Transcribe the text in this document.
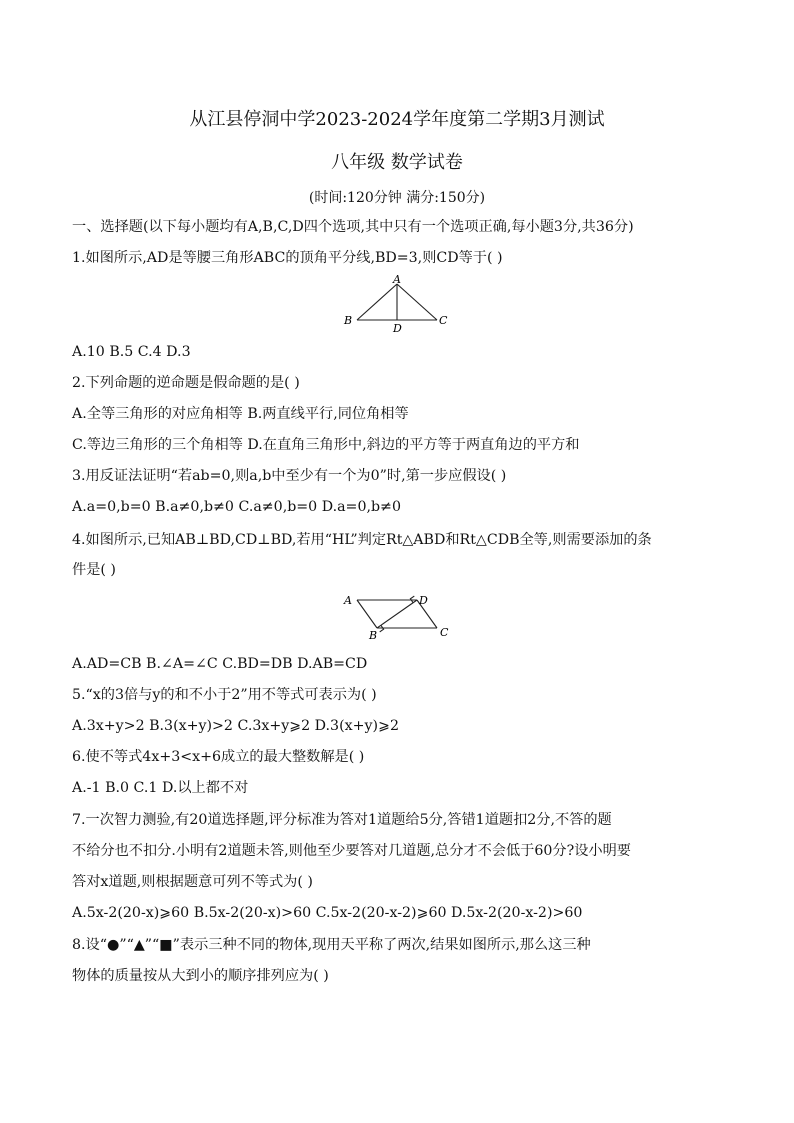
从江县停洞中学2023-2024学年度第二学期3月测试
八年级 数学试卷
(时间:120分钟 满分:150分)
一、选择题(以下每小题均有A,B,C,D四个选项,其中只有一个选项正确,每小题3分,共36分)
1.如图所示,AD是等腰三角形ABC的顶角平分线,BD=3,则CD等于( )
A
B
D
C
A.10 B.5 C.4 D.3
2.下列命题的逆命题是假命题的是( )
A.全等三角形的对应角相等 B.两直线平行,同位角相等
C.等边三角形的三个角相等 D.在直角三角形中,斜边的平方等于两直角边的平方和
3.用反证法证明“若ab=0,则a,b中至少有一个为0”时,第一步应假设( )
A.a=0,b=0 B.a≠0,b≠0 C.a≠0,b=0 D.a=0,b≠0
4.如图所示,已知AB⊥BD,CD⊥BD,若用“HL”判定Rt△ABD和Rt△CDB全等,则需要添加的条
件是( )
A	D
B	C
A.AD=CB B.∠A=∠C C.BD=DB D.AB=CD
5.“x的3倍与y的和不小于2”用不等式可表示为( )
A.3x+y>2 B.3(x+y)>2 C.3x+y⩾2 D.3(x+y)⩾2
6.使不等式4x+3<x+6成立的最大整数解是( )
A.-1 B.0 C.1 D.以上都不对
7.一次智力测验,有20道选择题,评分标准为答对1道题给5分,答错1道题扣2分,不答的题
不给分也不扣分.小明有2道题未答,则他至少要答对几道题,总分才不会低于60分?设小明要
答对x道题,则根据题意可列不等式为( )
A.5x-2(20-x)⩾60 B.5x-2(20-x)>60 C.5x-2(20-x-2)⩾60 D.5x-2(20-x-2)>60
8.设“●”“▲”“■”表示三种不同的物体,现用天平称了两次,结果如图所示,那么这三种
物体的质量按从大到小的顺序排列应为( )
